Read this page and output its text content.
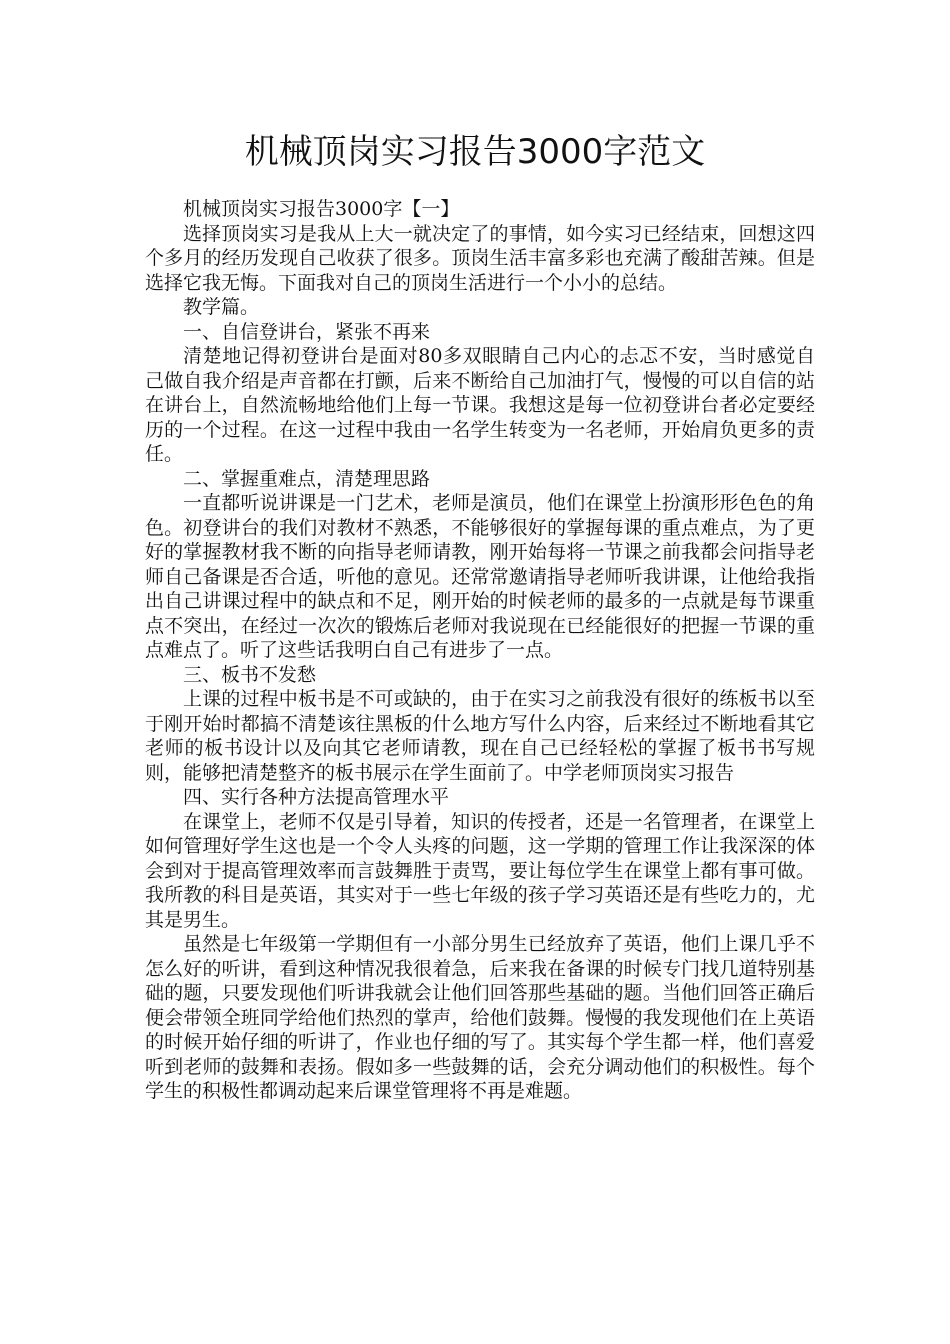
机械顶岗实习报告3000字范文

机械顶岗实习报告3000字【一】

选择顶岗实习是我从上大一就决定了的事情，如今实习已经结束，回想这四个多月的经历发现自己收获了很多。顶岗生活丰富多彩也充满了酸甜苦辣。但是选择它我无悔。下面我对自己的顶岗生活进行一个小小的总结。

教学篇。

一、自信登讲台，紧张不再来

清楚地记得初登讲台是面对80多双眼睛自己内心的忐忑不安，当时感觉自己做自我介绍是声音都在打颤，后来不断给自己加油打气，慢慢的可以自信的站在讲台上，自然流畅地给他们上每一节课。我想这是每一位初登讲台者必定要经历的一个过程。在这一过程中我由一名学生转变为一名老师，开始肩负更多的责任。

二、掌握重难点，清楚理思路

一直都听说讲课是一门艺术，老师是演员，他们在课堂上扮演形形色色的角色。初登讲台的我们对教材不熟悉，不能够很好的掌握每课的重点难点，为了更好的掌握教材我不断的向指导老师请教，刚开始每将一节课之前我都会问指导老师自己备课是否合适，听他的意见。还常常邀请指导老师听我讲课，让他给我指出自己讲课过程中的缺点和不足，刚开始的时候老师的最多的一点就是每节课重点不突出，在经过一次次的锻炼后老师对我说现在已经能很好的把握一节课的重点难点了。听了这些话我明白自己有进步了一点。

三、板书不发愁

上课的过程中板书是不可或缺的，由于在实习之前我没有很好的练板书以至于刚开始时都搞不清楚该往黑板的什么地方写什么内容，后来经过不断地看其它老师的板书设计以及向其它老师请教，现在自己已经轻松的掌握了板书书写规则，能够把清楚整齐的板书展示在学生面前了。中学老师顶岗实习报告

四、实行各种方法提高管理水平

在课堂上，老师不仅是引导着，知识的传授者，还是一名管理者，在课堂上如何管理好学生这也是一个令人头疼的问题，这一学期的管理工作让我深深的体会到对于提高管理效率而言鼓舞胜于责骂，要让每位学生在课堂上都有事可做。我所教的科目是英语，其实对于一些七年级的孩子学习英语还是有些吃力的，尤其是男生。

虽然是七年级第一学期但有一小部分男生已经放弃了英语，他们上课几乎不怎么好的听讲，看到这种情况我很着急，后来我在备课的时候专门找几道特别基础的题，只要发现他们听讲我就会让他们回答那些基础的题。当他们回答正确后便会带领全班同学给他们热烈的掌声，给他们鼓舞。慢慢的我发现他们在上英语的时候开始仔细的听讲了，作业也仔细的写了。其实每个学生都一样，他们喜爱听到老师的鼓舞和表扬。假如多一些鼓舞的话，会充分调动他们的积极性。每个学生的积极性都调动起来后课堂管理将不再是难题。
